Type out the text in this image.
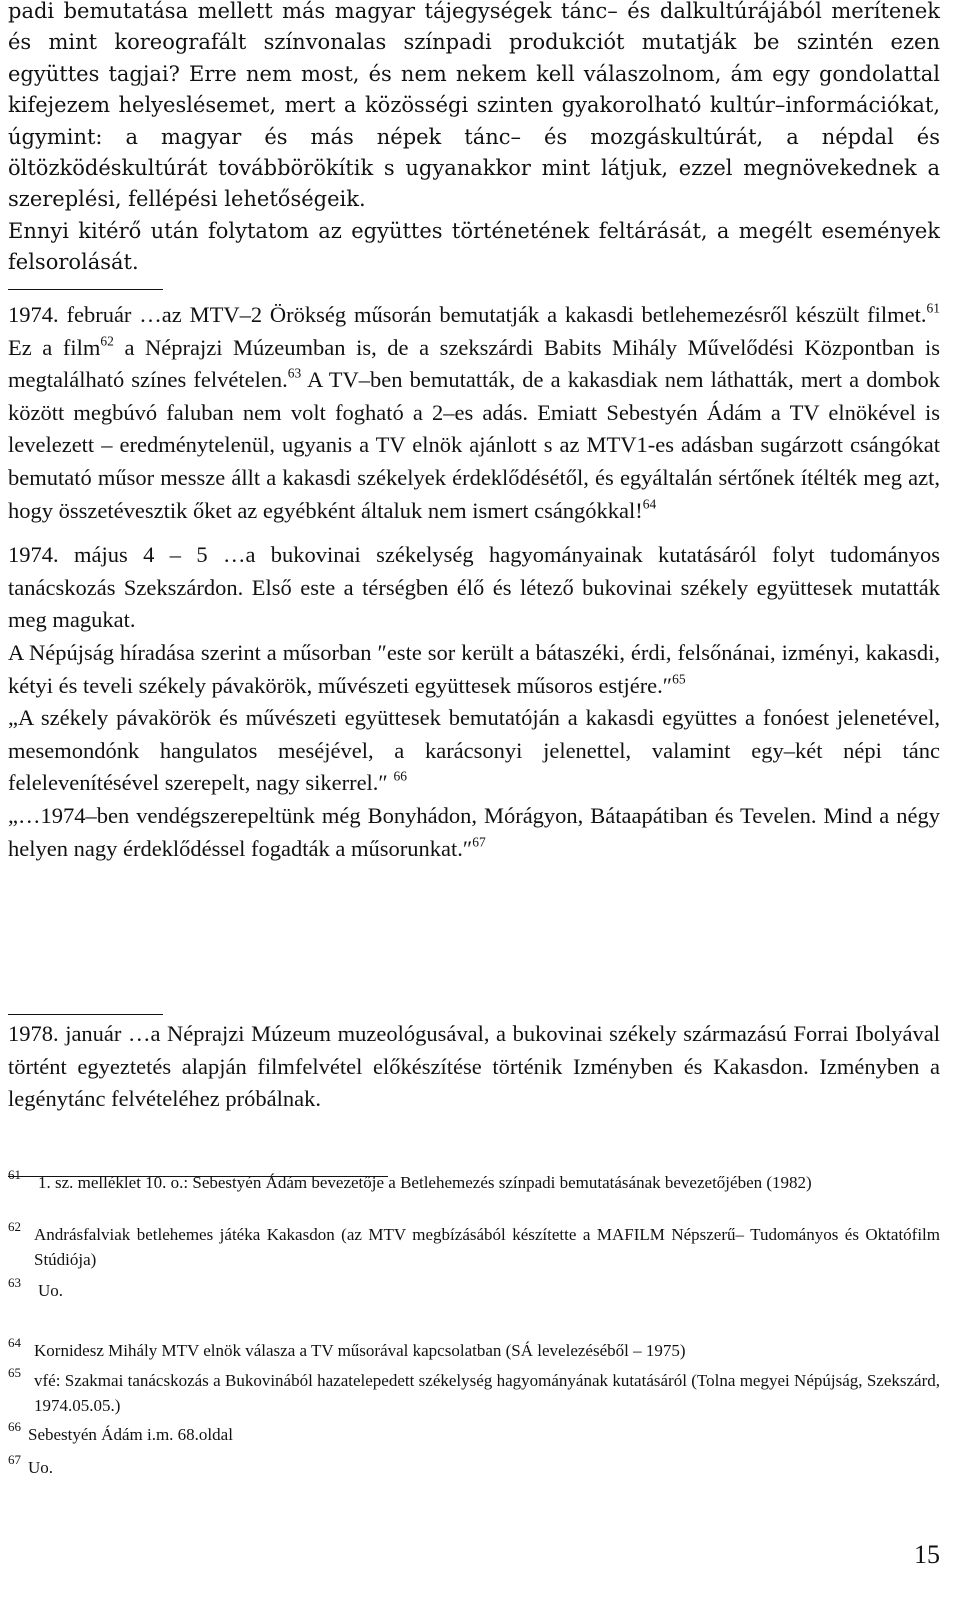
padi bemutatása mellett más magyar tájegységek tánc– és dalkultúrájából merítenek és mint koreografált színvonalas színpadi produkciót mutatják be szintén ezen együttes tagjai? Erre nem most, és nem nekem kell válaszolnom, ám egy gondolattal kifejezem helyeslésemet, mert a közösségi szinten gyakorolható kultúr–információkat, úgymint: a magyar és más népek tánc– és mozgáskultúrát, a népdal és öltözködéskultúrát továbbörökítik s ugyanakkor mint látjuk, ezzel megnövekednek a szereplési, fellépési lehetőségeik.

Ennyi kitérő után folytatom az együttes történetének feltárását, a megélt események felsorolását.

1974. február …az MTV–2 Örökség műsorán bemutatják a kakasdi betlehemezésről készült filmet.$^{61}$ Ez a film$^{62}$ a Néprajzi Múzeumban is, de a szekszárdi Babits Mihály Művelődési Központban is megtalálható színes felvételen.$^{63}$ A TV–ben bemutatták, de a kakasdiak nem láthatták, mert a dombok között megbúvó faluban nem volt fogható a 2–es adás. Emiatt Sebestyén Ádám a TV elnökével is levelezett – eredménytelenül, ugyanis a TV elnök ajánlott s az MTV1-es adásban sugárzott csángókat bemutató műsor messze állt a kakasdi székelyek érdeklődésétől, és egyáltalán sértőnek ítélték meg azt, hogy összetévesztik őket az egyébként általuk nem ismert csángókkal!$^{64}$

1974. május 4 – 5 …a bukovinai székelység hagyományainak kutatásáról folyt tudományos tanácskozás Szekszárdon. Első este a térségben élő és létező bukovinai székely együttesek mutatták meg magukat.

A Népújság híradása szerint a műsorban ″este sor került a bátaszéki, érdi, felsőnánai, izményi, kakasdi, kétyi és teveli székely pávakörök, művészeti együttesek műsoros estjére.″$^{65}$

„A székely pávakörök és művészeti együttesek bemutatóján a kakasdi együttes a fonóest jelenetével, mesemondónk hangulatos meséjével, a karácsonyi jelenettel, valamint egy–két népi tánc felelevenítésével szerepelt, nagy sikerrel.″ $^{66}$

„…1974–ben vendégszerepeltünk még Bonyhádon, Mórágyon, Bátaapátiban és Tevelen. Mind a négy helyen nagy érdeklődéssel fogadták a műsorunkat.″$^{67}$

1978. január …a Néprajzi Múzeum muzeológusával, a bukovinai székely származású Forrai Ibolyával történt egyeztetés alapján filmfelvétel előkészítése történik Izményben és Kakasdon. Izményben a legénytánc felvételéhez próbálnak.

61	1. sz. melléklet 10. o.: Sebestyén Ádám bevezetője a Betlehemezés színpadi bemutatásának bevezetőjében (1982)
62 Andrásfalviak betlehemes játéka Kakasdon (az MTV megbízásából készítette a MAFILM Népszerű– Tudományos és Oktatófilm Stúdiója)
63	Uo.
64 Kornidesz Mihály MTV elnök válasza a TV műsorával kapcsolatban (SÁ levelezéséből – 1975)
65 vfé: Szakmai tanácskozás a Bukovinából hazatelepedett székelység hagyományának kutatásáról (Tolna megyei Népújság, Szekszárd, 1974.05.05.)
66 Sebestyén Ádám i.m. 68.oldal
67 Uo.
15
